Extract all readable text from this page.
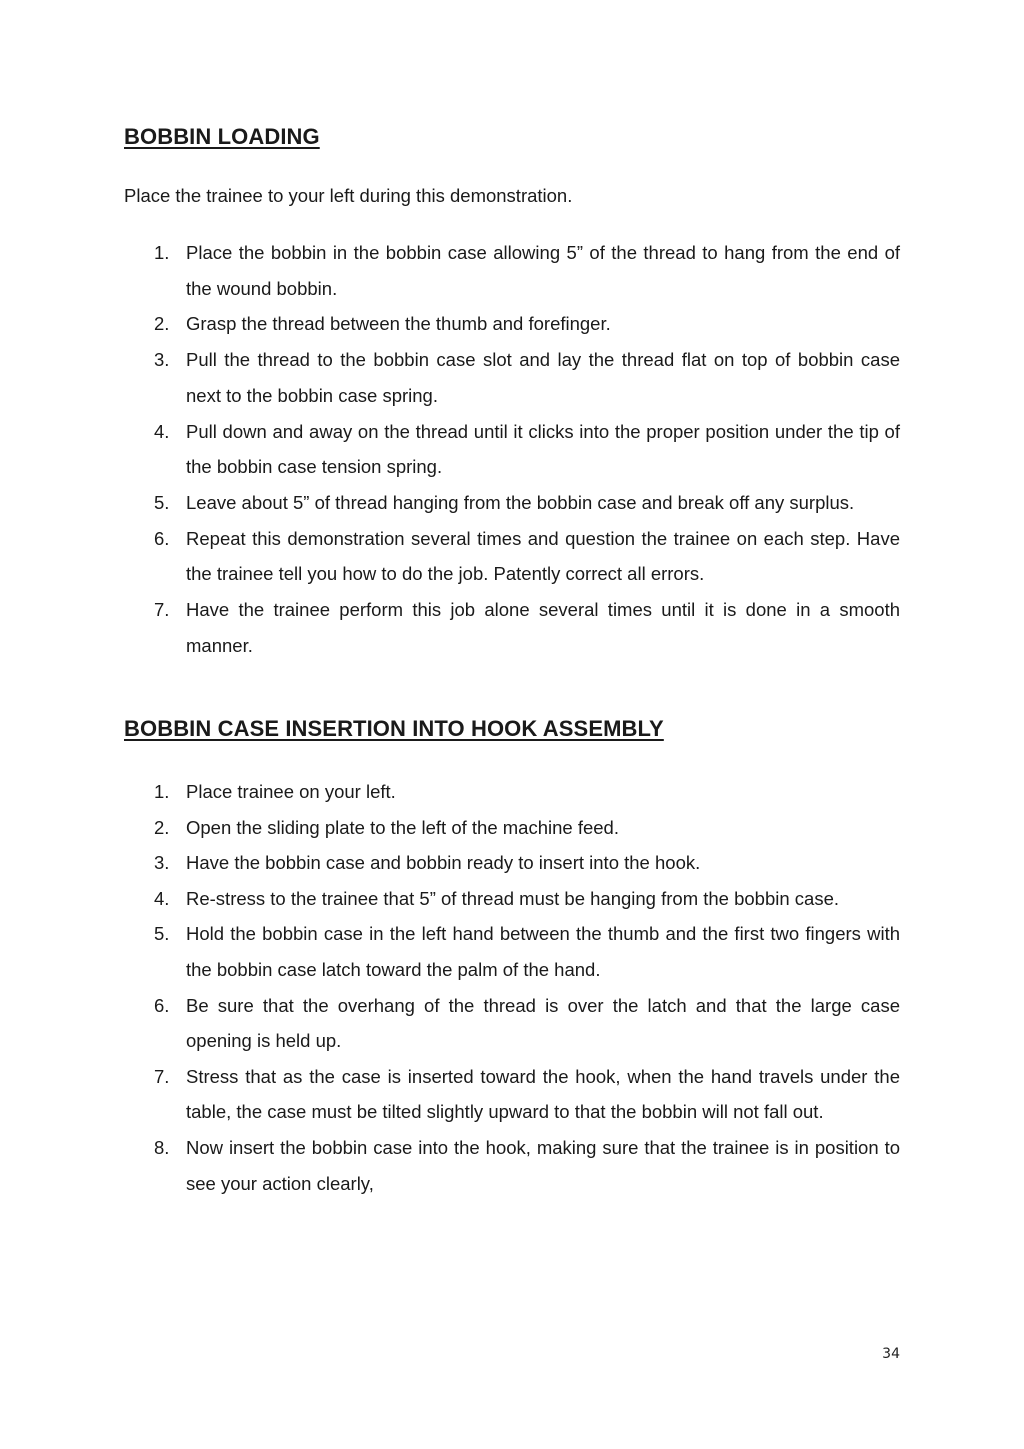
BOBBIN LOADING

Place the trainee to your left during this demonstration.

1. Place the bobbin in the bobbin case allowing 5” of the thread to hang from the end of the wound bobbin.
2. Grasp the thread between the thumb and forefinger.
3. Pull the thread to the bobbin case slot and lay the thread flat on top of bobbin case next to the bobbin case spring.
4. Pull down and away on the thread until it clicks into the proper position under the tip of the bobbin case tension spring.
5. Leave about 5” of thread hanging from the bobbin case and break off any surplus.
6. Repeat this demonstration several times and question the trainee on each step. Have the trainee tell you how to do the job. Patently correct all errors.
7. Have the trainee perform this job alone several times until it is done in a smooth manner.
BOBBIN CASE INSERTION INTO HOOK ASSEMBLY
1. Place trainee on your left.
2. Open the sliding plate to the left of the machine feed.
3. Have the bobbin case and bobbin ready to insert into the hook.
4. Re-stress to the trainee that 5” of thread must be hanging from the bobbin case.
5. Hold the bobbin case in the left hand between the thumb and the first two fingers with the bobbin case latch toward the palm of the hand.
6. Be sure that the overhang of the thread is over the latch and that the large case opening is held up.
7. Stress that as the case is inserted toward the hook, when the hand travels under the table, the case must be tilted slightly upward to that the bobbin will not fall out.
8. Now insert the bobbin case into the hook, making sure that the trainee is in position to see your action clearly,
34
